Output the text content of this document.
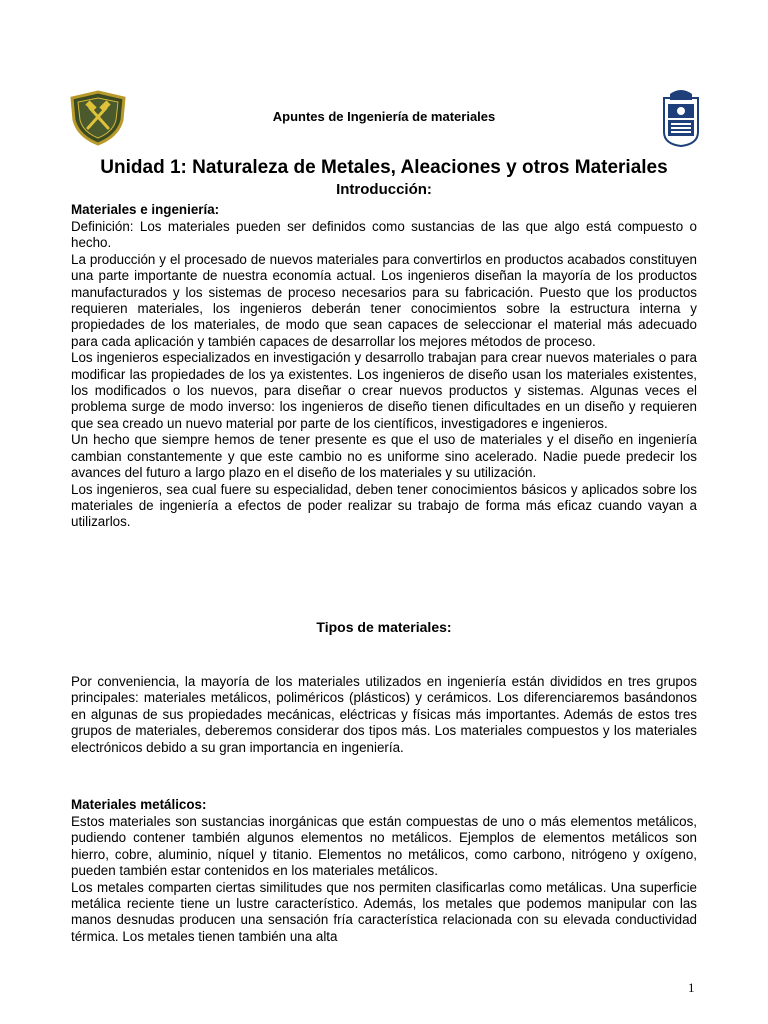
Apuntes de Ingeniería de materiales
Unidad 1: Naturaleza de Metales, Aleaciones y otros Materiales
Introducción:
Materiales e ingeniería:

Definición: Los materiales pueden ser definidos como sustancias de las que algo está compuesto o hecho.

La producción y el procesado de nuevos materiales para convertirlos en productos acabados constituyen una parte importante de nuestra economía actual. Los ingenieros diseñan la mayoría de los productos manufacturados y los sistemas de proceso necesarios para su fabricación. Puesto que los productos requieren materiales, los ingenieros deberán tener conocimientos sobre la estructura interna y propiedades de los materiales, de modo que sean capaces de seleccionar el material más adecuado para cada aplicación y también capaces de desarrollar los mejores métodos de proceso.

Los ingenieros especializados en investigación y desarrollo trabajan para crear nuevos materiales o para modificar las propiedades de los ya existentes. Los ingenieros de diseño usan los materiales existentes, los modificados o los nuevos, para diseñar o crear nuevos productos y sistemas. Algunas veces el problema surge de modo inverso: los ingenieros de diseño tienen dificultades en un diseño y requieren que sea creado un nuevo material por parte de los científicos, investigadores e ingenieros.

Un hecho que siempre hemos de tener presente es que el uso de materiales y el diseño en ingeniería cambian constantemente y que este cambio no es uniforme sino acelerado. Nadie puede predecir los avances del futuro a largo plazo en el diseño de los materiales y su utilización.

Los ingenieros, sea cual fuere su especialidad, deben tener conocimientos básicos y aplicados sobre los materiales de ingeniería a efectos de poder realizar su trabajo de forma más eficaz cuando vayan a utilizarlos.

Tipos de materiales:

Por conveniencia, la mayoría de los materiales utilizados en ingeniería están divididos en tres grupos principales: materiales metálicos, poliméricos (plásticos) y cerámicos. Los diferenciaremos basándonos en algunas de sus propiedades mecánicas, eléctricas y físicas más importantes. Además de estos tres grupos de materiales, deberemos considerar dos tipos más. Los materiales compuestos y los materiales electrónicos debido a su gran importancia en ingeniería.

Materiales metálicos:

Estos materiales son sustancias inorgánicas que están compuestas de uno o más elementos metálicos, pudiendo contener también algunos elementos no metálicos. Ejemplos de elementos metálicos son hierro, cobre, aluminio, níquel y titanio. Elementos no metálicos, como carbono, nitrógeno y oxígeno, pueden también estar contenidos en los materiales metálicos.

Los metales comparten ciertas similitudes que nos permiten clasificarlas como metálicas. Una superficie metálica reciente tiene un lustre característico. Además, los metales que podemos manipular con las manos desnudas producen una sensación fría característica relacionada con su elevada conductividad térmica. Los metales tienen también una alta

1
